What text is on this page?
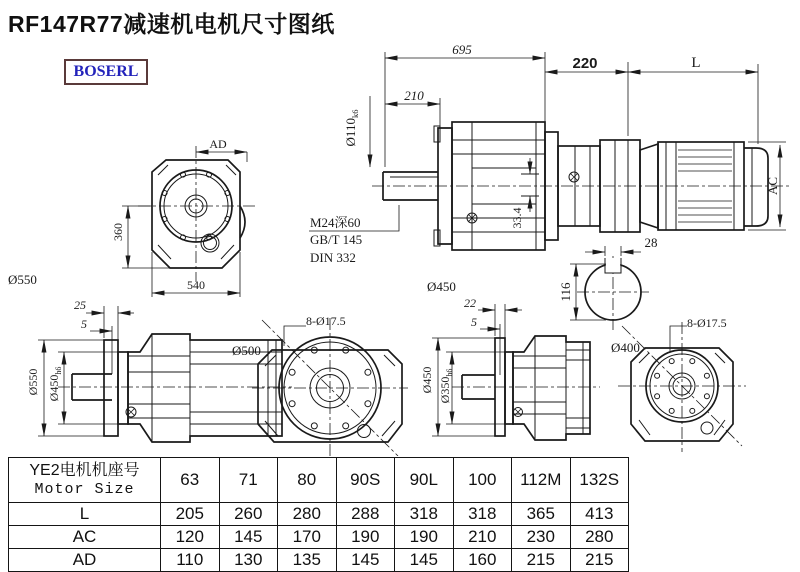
RF147R77减速机电机尺寸图纸
BOSERL
AD
360
540
Ø550
695
220	L
210
$Ø110_{k6}$
33.4
M24深60
GB/T 145
DIN 332
Ø450
AC
28
116
25
5
Ø550 $Ø450_{h6}$
8-Ø17.5
Ø500
22
5
Ø450 $Ø350_{h6}$
8-Ø17.5
Ø400
YE2电机机座号
Motor Size	63	71	80	90S	90L	100	112M	132S
L	205	260	280	288	318	318	365	413
AC	120	145	170	190	190	210	230	280
AD	110	130	135	145	145	160	215	215
